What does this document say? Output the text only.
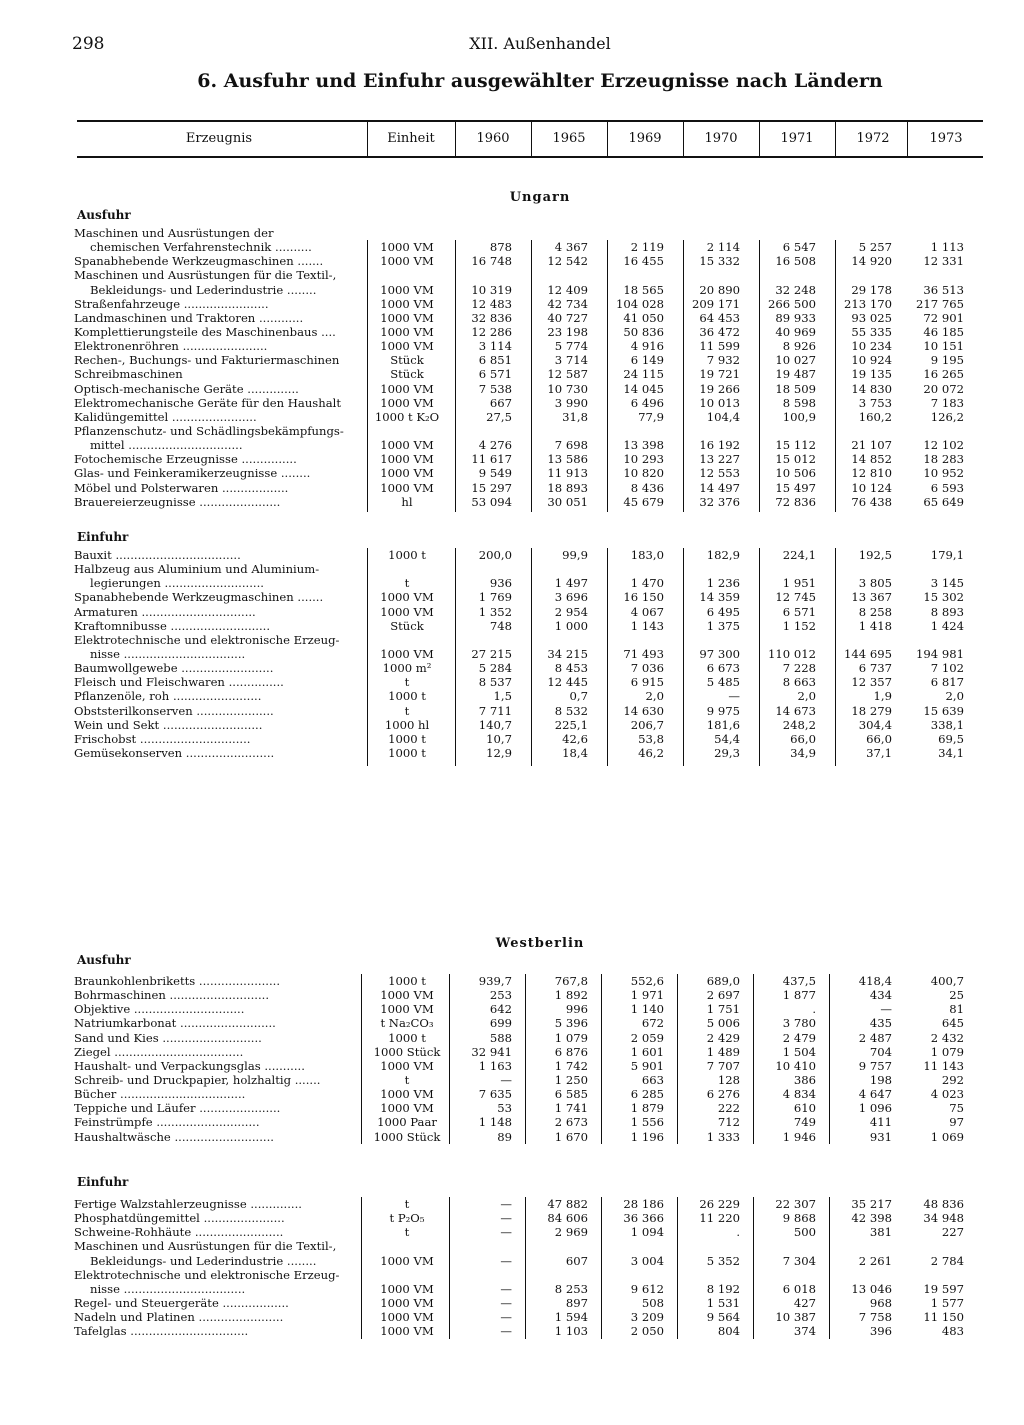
298	XII. Außenhandel
6. Ausfuhr und Einfuhr ausgewählter Erzeugnisse nach Ländern
Erzeugnis	Einheit	1960	1965	1969	1970	1971	1972	1973
Ungarn
Ausfuhr
Maschinen und Ausrüstungen der
chemischen Verfahrenstechnik ..........	1000 VM	878	4 367	2 119	2 114	6 547	5 257	1 113
Spanabhebende Werkzeugmaschinen .......	1000 VM	16 748	12 542	16 455	15 332	16 508	14 920	12 331
Maschinen und Ausrüstungen für die Textil-,
Bekleidungs- und Lederindustrie ........	1000 VM	10 319	12 409	18 565	20 890	32 248	29 178	36 513
Straßenfahrzeuge .......................	1000 VM	12 483	42 734	104 028	209 171	266 500	213 170	217 765
Landmaschinen und Traktoren ............	1000 VM	32 836	40 727	41 050	64 453	89 933	93 025	72 901
Komplettierungsteile des Maschinenbaus ....	1000 VM	12 286	23 198	50 836	36 472	40 969	55 335	46 185
Elektronenröhren .......................	1000 VM	3 114	5 774	4 916	11 599	8 926	10 234	10 151
Rechen-, Buchungs- und Fakturiermaschinen	Stück	6 851	3 714	6 149	7 932	10 027	10 924	9 195
Schreibmaschinen	Stück	6 571	12 587	24 115	19 721	19 487	19 135	16 265
Optisch-mechanische Geräte ..............	1000 VM	7 538	10 730	14 045	19 266	18 509	14 830	20 072
Elektromechanische Geräte für den Haushalt	1000 VM	667	3 990	6 496	10 013	8 598	3 753	7 183
Kalidüngemittel .......................	1000 t K₂O	27,5	31,8	77,9	104,4	100,9	160,2	126,2
Pflanzenschutz- und Schädlingsbekämpfungs-
mittel ...............................	1000 VM	4 276	7 698	13 398	16 192	15 112	21 107	12 102
Fotochemische Erzeugnisse ...............	1000 VM	11 617	13 586	10 293	13 227	15 012	14 852	18 283
Glas- und Feinkeramikerzeugnisse ........	1000 VM	9 549	11 913	10 820	12 553	10 506	12 810	10 952
Möbel und Polsterwaren ..................	1000 VM	15 297	18 893	8 436	14 497	15 497	10 124	6 593
Brauereierzeugnisse ......................	hl	53 094	30 051	45 679	32 376	72 836	76 438	65 649
Einfuhr
Bauxit ..................................	1000 t	200,0	99,9	183,0	182,9	224,1	192,5	179,1
Halbzeug aus Aluminium und Aluminium-
legierungen ...........................	t	936	1 497	1 470	1 236	1 951	3 805	3 145
Spanabhebende Werkzeugmaschinen .......	1000 VM	1 769	3 696	16 150	14 359	12 745	13 367	15 302
Armaturen ...............................	1000 VM	1 352	2 954	4 067	6 495	6 571	8 258	8 893
Kraftomnibusse ...........................	Stück	748	1 000	1 143	1 375	1 152	1 418	1 424
Elektrotechnische und elektronische Erzeug-
nisse .................................	1000 VM	27 215	34 215	71 493	97 300	110 012	144 695	194 981
Baumwollgewebe .........................	1000 m²	5 284	8 453	7 036	6 673	7 228	6 737	7 102
Fleisch und Fleischwaren ...............	t	8 537	12 445	6 915	5 485	8 663	12 357	6 817
Pflanzenöle, roh ........................	1000 t	1,5	0,7	2,0	—	2,0	1,9	2,0
Obststerilkonserven .....................	t	7 711	8 532	14 630	9 975	14 673	18 279	15 639
Wein und Sekt ...........................	1000 hl	140,7	225,1	206,7	181,6	248,2	304,4	338,1
Frischobst ..............................	1000 t	10,7	42,6	53,8	54,4	66,0	66,0	69,5
Gemüsekonserven ........................	1000 t	12,9	18,4	46,2	29,3	34,9	37,1	34,1
Westberlin
Ausfuhr
Braunkohlenbriketts ......................	1000 t	939,7	767,8	552,6	689,0	437,5	418,4	400,7
Bohrmaschinen ...........................	1000 VM	253	1 892	1 971	2 697	1 877	434	25
Objektive ..............................	1000 VM	642	996	1 140	1 751	.	—	81
Natriumkarbonat ..........................	t Na₂CO₃	699	5 396	672	5 006	3 780	435	645
Sand und Kies ...........................	1000 t	588	1 079	2 059	2 429	2 479	2 487	2 432
Ziegel ...................................	1000 Stück	32 941	6 876	1 601	1 489	1 504	704	1 079
Haushalt- und Verpackungsglas ...........	1000 VM	1 163	1 742	5 901	7 707	10 410	9 757	11 143
Schreib- und Druckpapier, holzhaltig .......	t	—	1 250	663	128	386	198	292
Bücher ..................................	1000 VM	7 635	6 585	6 285	6 276	4 834	4 647	4 023
Teppiche und Läufer ......................	1000 VM	53	1 741	1 879	222	610	1 096	75
Feinstrümpfe ............................	1000 Paar	1 148	2 673	1 556	712	749	411	97
Haushaltwäsche ...........................	1000 Stück	89	1 670	1 196	1 333	1 946	931	1 069
Einfuhr
Fertige Walzstahlerzeugnisse ..............	t	—	47 882	28 186	26 229	22 307	35 217	48 836
Phosphatdüngemittel ......................	t P₂O₅	—	84 606	36 366	11 220	9 868	42 398	34 948
Schweine-Rohhäute ........................	t	—	2 969	1 094	.	500	381	227
Maschinen und Ausrüstungen für die Textil-,
Bekleidungs- und Lederindustrie ........	1000 VM	—	607	3 004	5 352	7 304	2 261	2 784
Elektrotechnische und elektronische Erzeug-
nisse .................................	1000 VM	—	8 253	9 612	8 192	6 018	13 046	19 597
Regel- und Steuergeräte ..................	1000 VM	—	897	508	1 531	427	968	1 577
Nadeln und Platinen .......................	1000 VM	—	1 594	3 209	9 564	10 387	7 758	11 150
Tafelglas ................................	1000 VM	—	1 103	2 050	804	374	396	483
